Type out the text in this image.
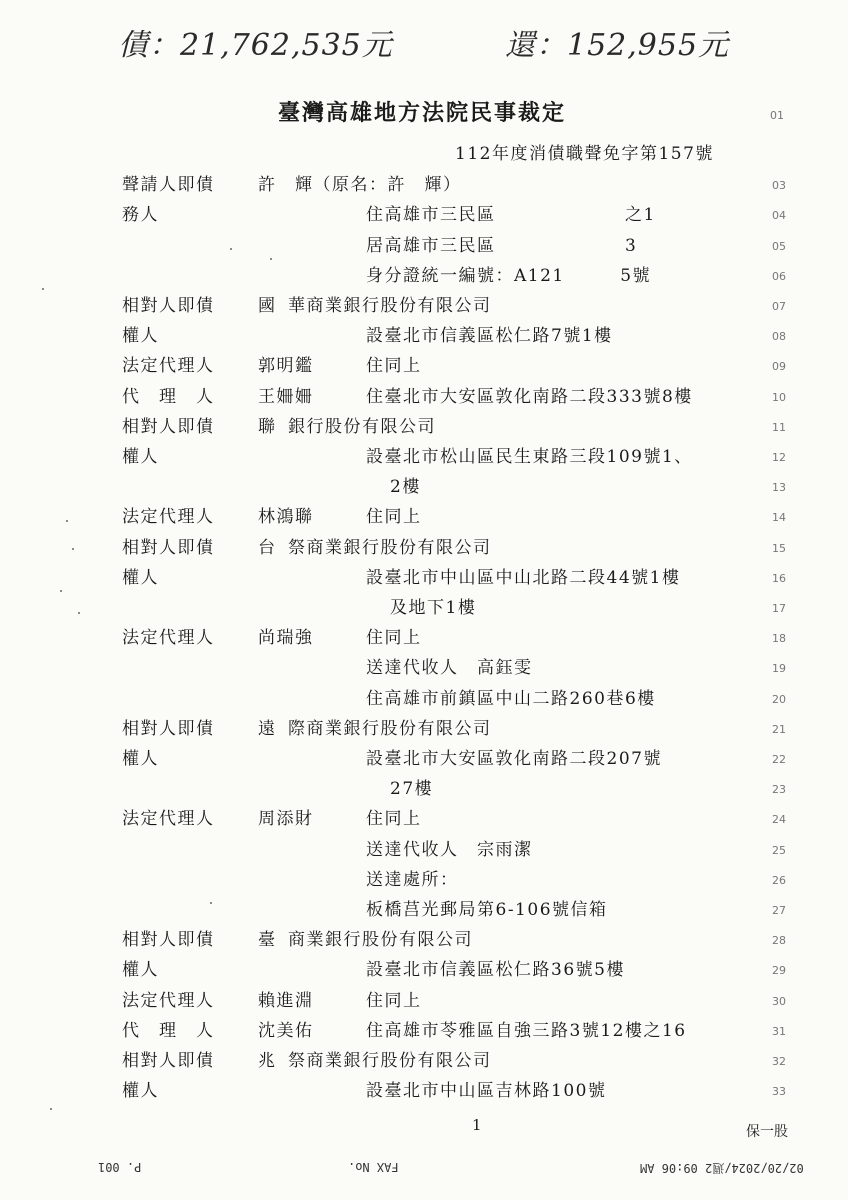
債：21,762,535元	還：152,955元
臺灣高雄地方法院民事裁定	01
112年度消債職聲免字第157號
03
聲請人即債	許　輝（原名：許　輝）
04
務人	住高雄市三民區　　　　　　　之1
05
居高雄市三民區　　　　　　　3
06
身分證統一編號：A121　　　5號
07
相對人即債	國 華商業銀行股份有限公司
08
權人	設臺北市信義區松仁路7號1樓
09
法定代理人	郭明鑑	住同上
10
代　理　人	王姍姍	住臺北市大安區敦化南路二段333號8樓
11
相對人即債	聯 銀行股份有限公司
12
權人	設臺北市松山區民生東路三段109號1、
13
2樓
14
法定代理人	林鴻聯	住同上
15
相對人即債	台 祭商業銀行股份有限公司
16
權人	設臺北市中山區中山北路二段44號1樓
17
及地下1樓
18
法定代理人	尚瑞強	住同上
19
送達代收人　高鈺雯
20
住高雄市前鎮區中山二路260巷6樓
21
相對人即債	遠 際商業銀行股份有限公司
22
權人	設臺北市大安區敦化南路二段207號
23
27樓
24
法定代理人	周添財	住同上
25
送達代收人　宗雨潔
26
送達處所：
27
板橋莒光郵局第6-106號信箱
28
相對人即債	臺 商業銀行股份有限公司
29
權人	設臺北市信義區松仁路36號5樓
30
法定代理人	賴進淵	住同上
31
代　理　人	沈美佑	住高雄市苓雅區自強三路3號12樓之16
32
相對人即債	兆 祭商業銀行股份有限公司
33
權人	設臺北市中山區吉林路100號
1	保一股
P. 001	FAX No.	02/20/2024/週2 09:06 AM
